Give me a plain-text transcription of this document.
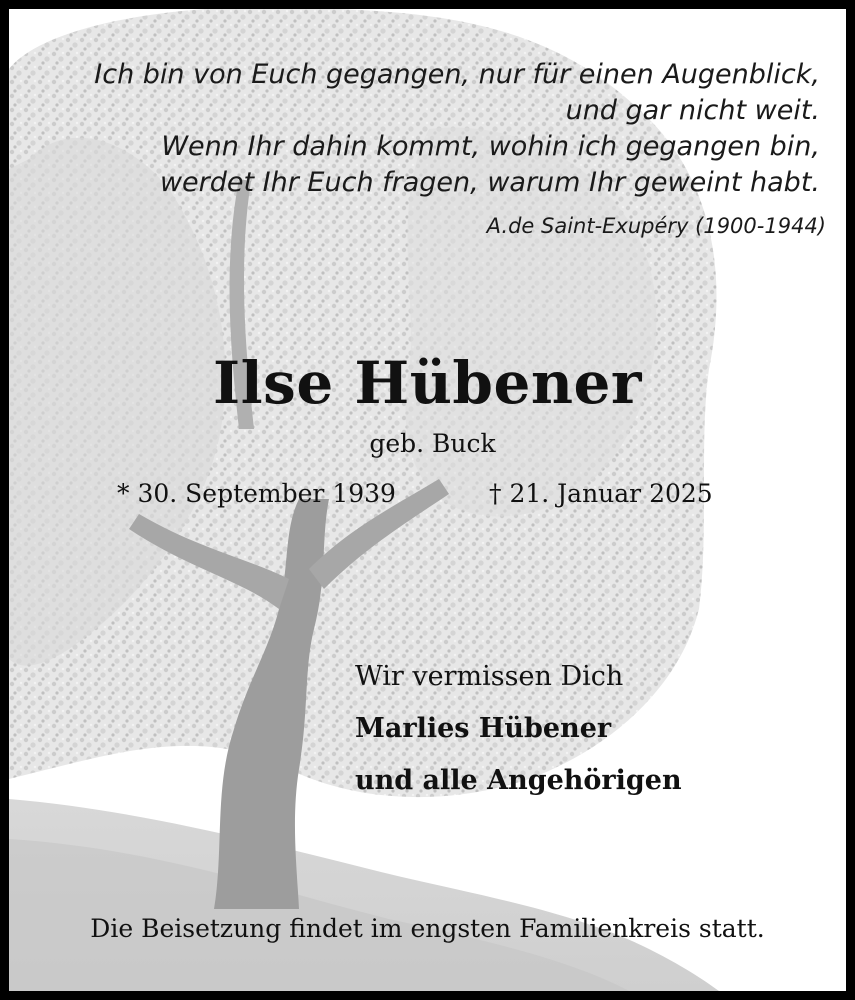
Ich bin von Euch gegangen, nur für einen Augenblick,
und gar nicht weit.
Wenn Ihr dahin kommt, wohin ich gegangen bin,
werdet Ihr Euch fragen, warum Ihr geweint habt.
A.de Saint-Exupéry (1900-1944)
Ilse Hübener
geb. Buck
* 30. September 1939	† 21. Januar 2025
Wir vermissen Dich
Marlies Hübener
und alle Angehörigen
Die Beisetzung findet im engsten Familienkreis statt.
